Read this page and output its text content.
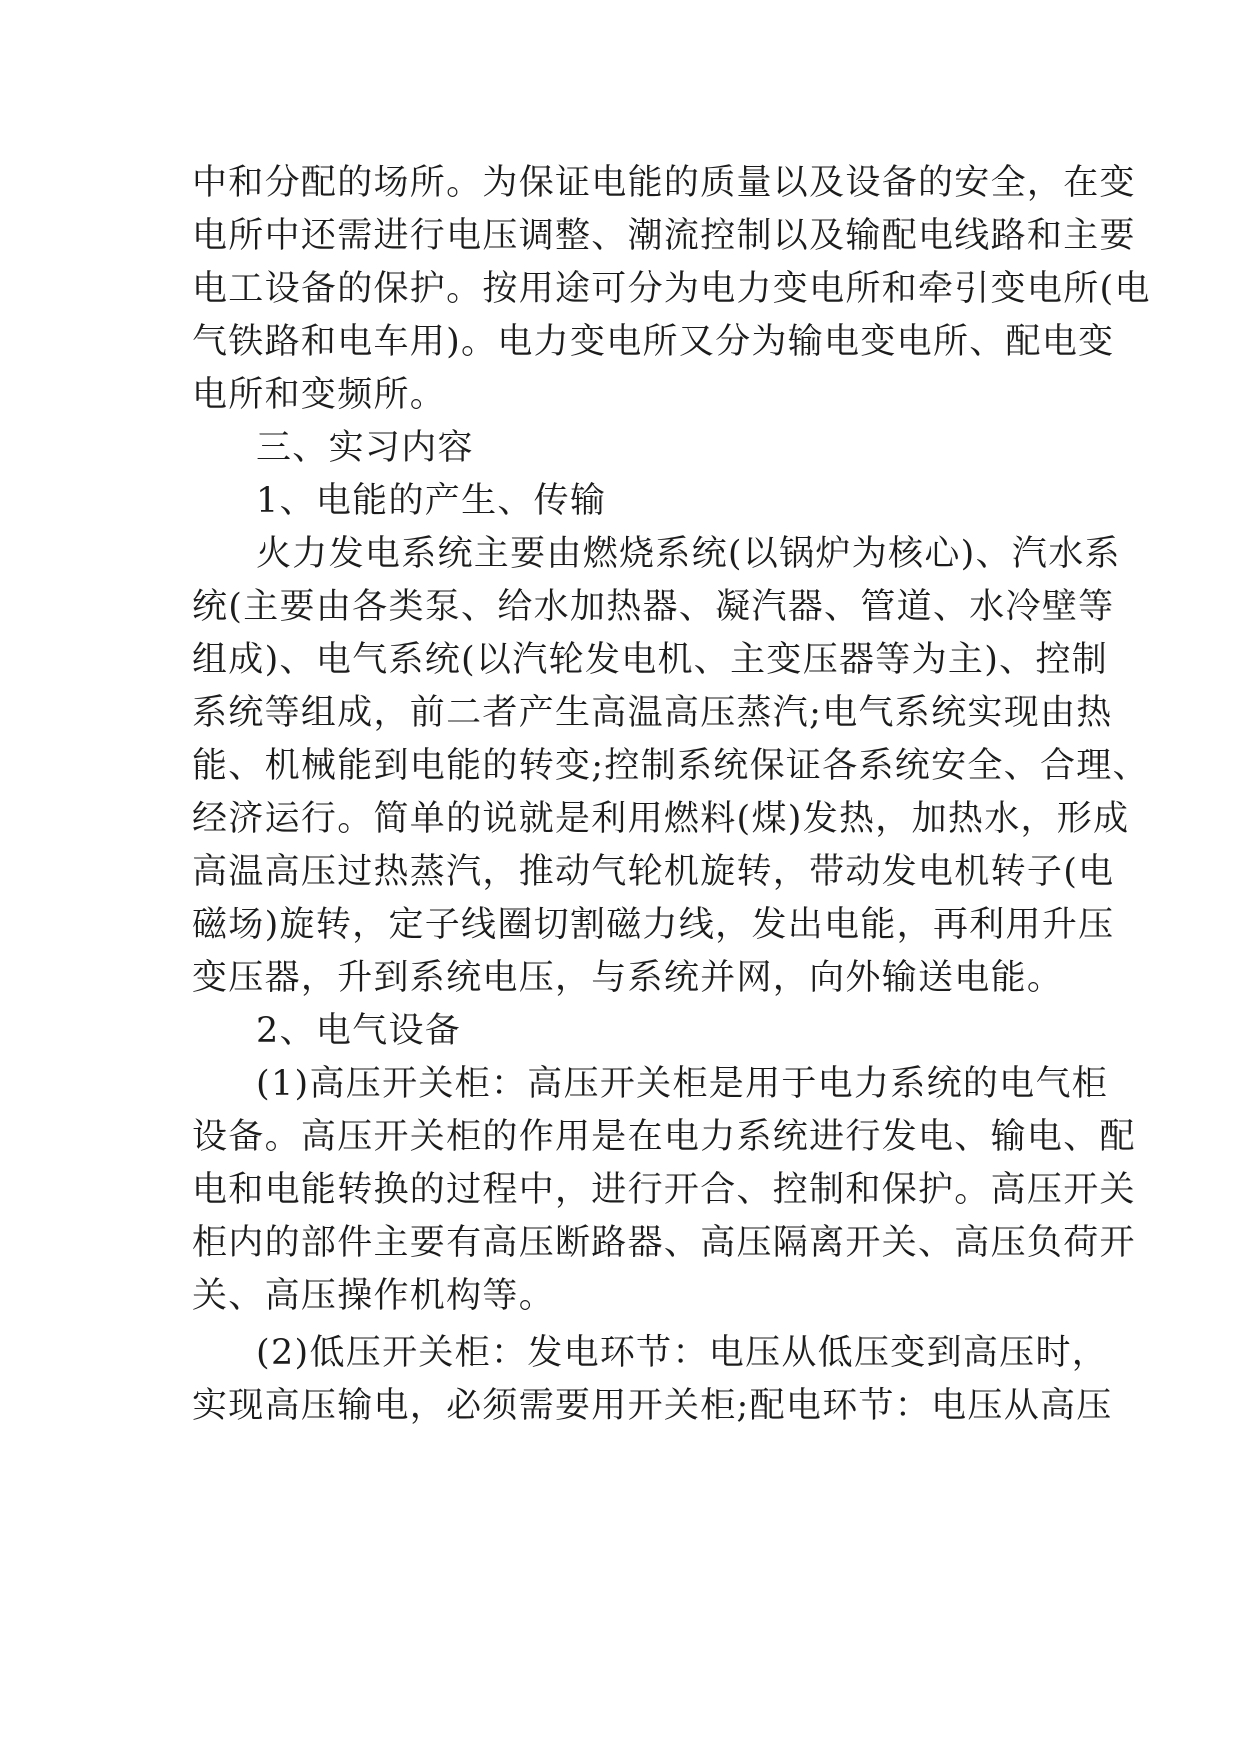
中和分配的场所。为保证电能的质量以及设备的安全，在变
电所中还需进行电压调整、潮流控制以及输配电线路和主要
电工设备的保护。按用途可分为电力变电所和牵引变电所(电
气铁路和电车用)。电力变电所又分为输电变电所、配电变
电所和变频所。
三、实习内容
1、电能的产生、传输
火力发电系统主要由燃烧系统(以锅炉为核心)、汽水系
统(主要由各类泵、给水加热器、凝汽器、管道、水冷壁等
组成)、电气系统(以汽轮发电机、主变压器等为主)、控制
系统等组成，前二者产生高温高压蒸汽;电气系统实现由热
能、机械能到电能的转变;控制系统保证各系统安全、合理、
经济运行。简单的说就是利用燃料(煤)发热，加热水，形成
高温高压过热蒸汽，推动气轮机旋转，带动发电机转子(电
磁场)旋转，定子线圈切割磁力线，发出电能，再利用升压
变压器，升到系统电压，与系统并网，向外输送电能。
2、电气设备
(1)高压开关柜：高压开关柜是用于电力系统的电气柜
设备。高压开关柜的作用是在电力系统进行发电、输电、配
电和电能转换的过程中，进行开合、控制和保护。高压开关
柜内的部件主要有高压断路器、高压隔离开关、高压负荷开
关、高压操作机构等。
(2)低压开关柜：发电环节：电压从低压变到高压时，
实现高压输电，必须需要用开关柜;配电环节：电压从高压
